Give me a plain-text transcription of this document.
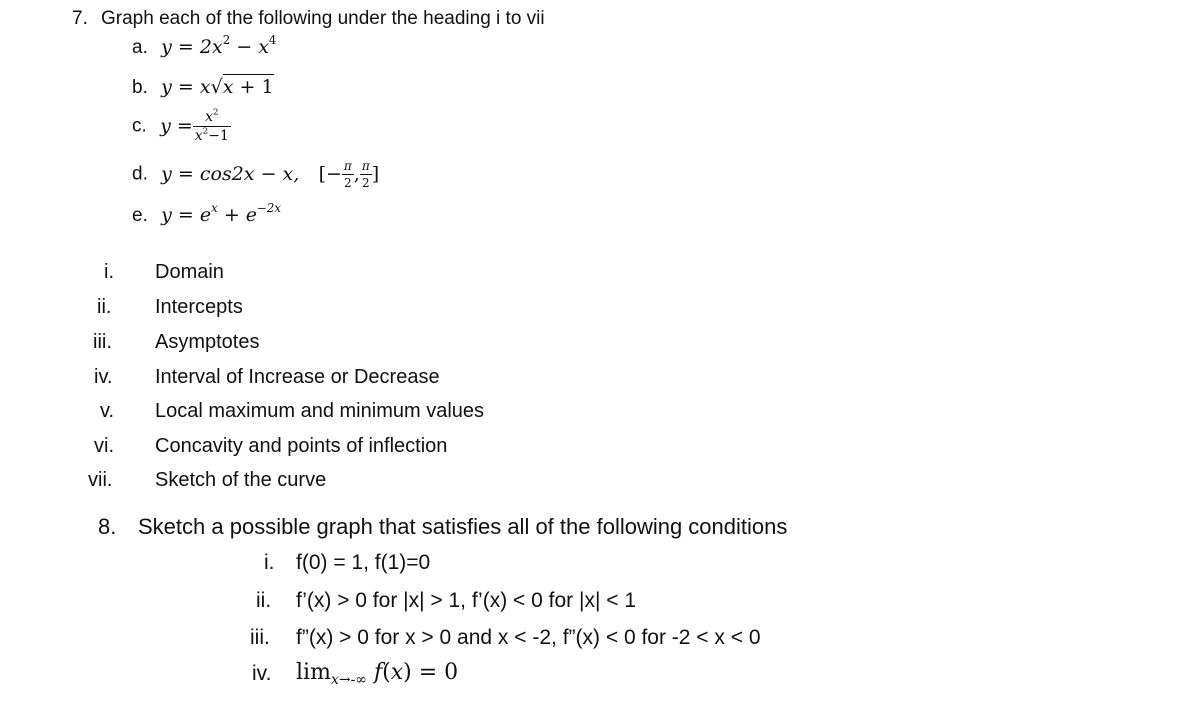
7. Graph each of the following under the heading i to vii
a. $y = 2x^2 - x^4$
b. y = x√x + 1
c. $y = \frac{x^2}{x^2-1}$
d. y = cos2x − x, [− $\frac{\pi}{2}$ , $\frac{\pi}{2}$ ]
e. $y = e^x + e^{-2x}$
i. Domain
ii. Intercepts
iii. Asymptotes
iv. Interval of Increase or Decrease
v. Local maximum and minimum values
vi. Concavity and points of inflection
vii. Sketch of the curve
8. Sketch a possible graph that satisfies all of the following conditions
i. f(0) = 1, f(1)=0
ii. f’(x) > 0 for |x| > 1, f’(x) < 0 for |x| < 1
iii. f”(x) > 0 for x > 0 and x < -2, f”(x) < 0 for -2 < x < 0
iv. $\lim_{x\to-\infty} f(x) = 0$
